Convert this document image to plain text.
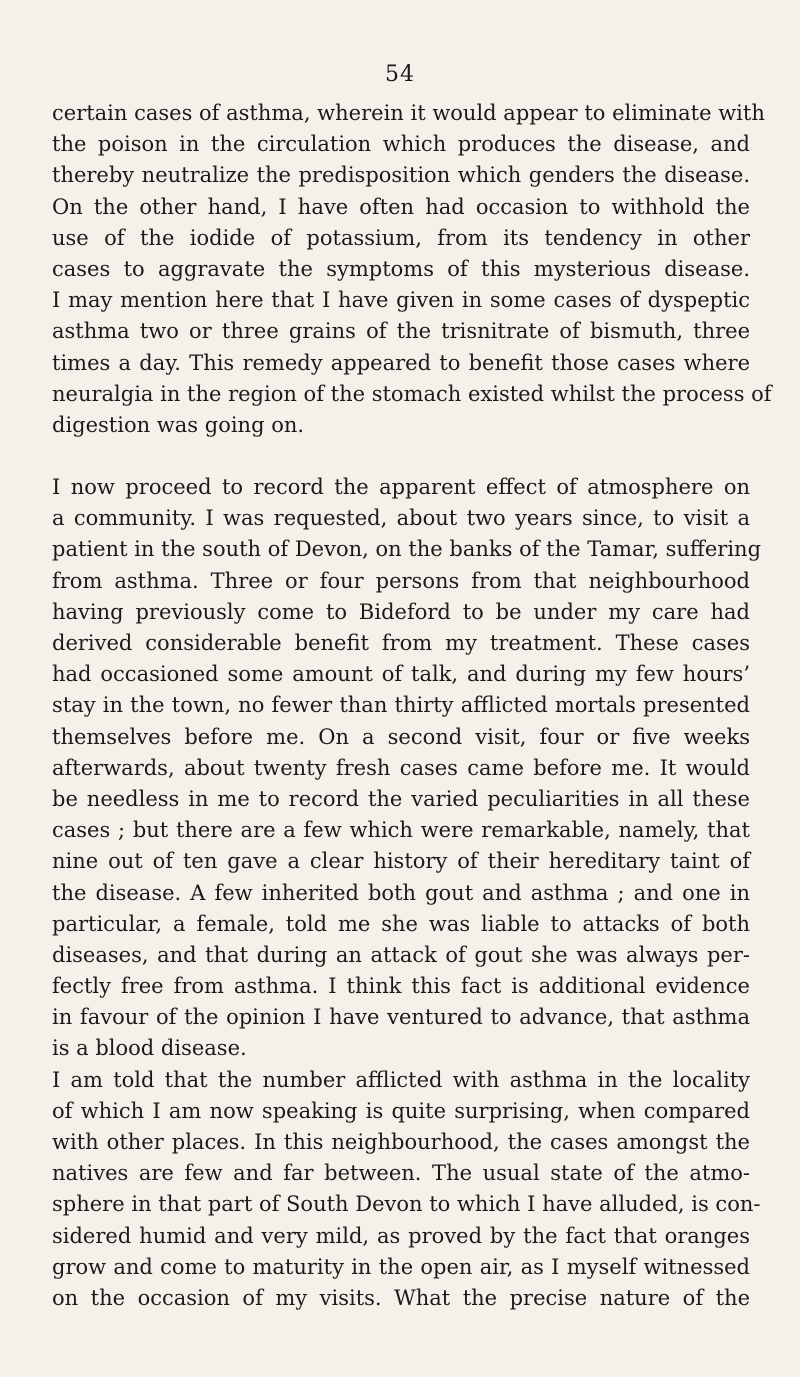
54
certain cases of asthma, wherein it would appear to eliminate with
the poison in the circulation which produces the disease, and
thereby neutralize the predisposition which genders the disease.
On the other hand, I have often had occasion to withhold the
use of the iodide of potassium, from its tendency in other
cases to aggravate the symptoms of this mysterious disease.
I may mention here that I have given in some cases of dyspeptic
asthma two or three grains of the trisnitrate of bismuth, three
times a day. This remedy appeared to benefit those cases where
neuralgia in the region of the stomach existed whilst the process of
digestion was going on.
I now proceed to record the apparent effect of atmosphere on
a community. I was requested, about two years since, to visit a
patient in the south of Devon, on the banks of the Tamar, suffering
from asthma. Three or four persons from that neighbourhood
having previously come to Bideford to be under my care had
derived considerable benefit from my treatment. These cases
had occasioned some amount of talk, and during my few hours’
stay in the town, no fewer than thirty afflicted mortals presented
themselves before me. On a second visit, four or five weeks
afterwards, about twenty fresh cases came before me. It would
be needless in me to record the varied peculiarities in all these
cases ; but there are a few which were remarkable, namely, that
nine out of ten gave a clear history of their hereditary taint of
the disease. A few inherited both gout and asthma ; and one in
particular, a female, told me she was liable to attacks of both
diseases, and that during an attack of gout she was always per-
fectly free from asthma. I think this fact is additional evidence
in favour of the opinion I have ventured to advance, that asthma
is a blood disease.
I am told that the number afflicted with asthma in the locality
of which I am now speaking is quite surprising, when compared
with other places. In this neighbourhood, the cases amongst the
natives are few and far between. The usual state of the atmo-
sphere in that part of South Devon to which I have alluded, is con-
sidered humid and very mild, as proved by the fact that oranges
grow and come to maturity in the open air, as I myself witnessed
on the occasion of my visits. What the precise nature of the
